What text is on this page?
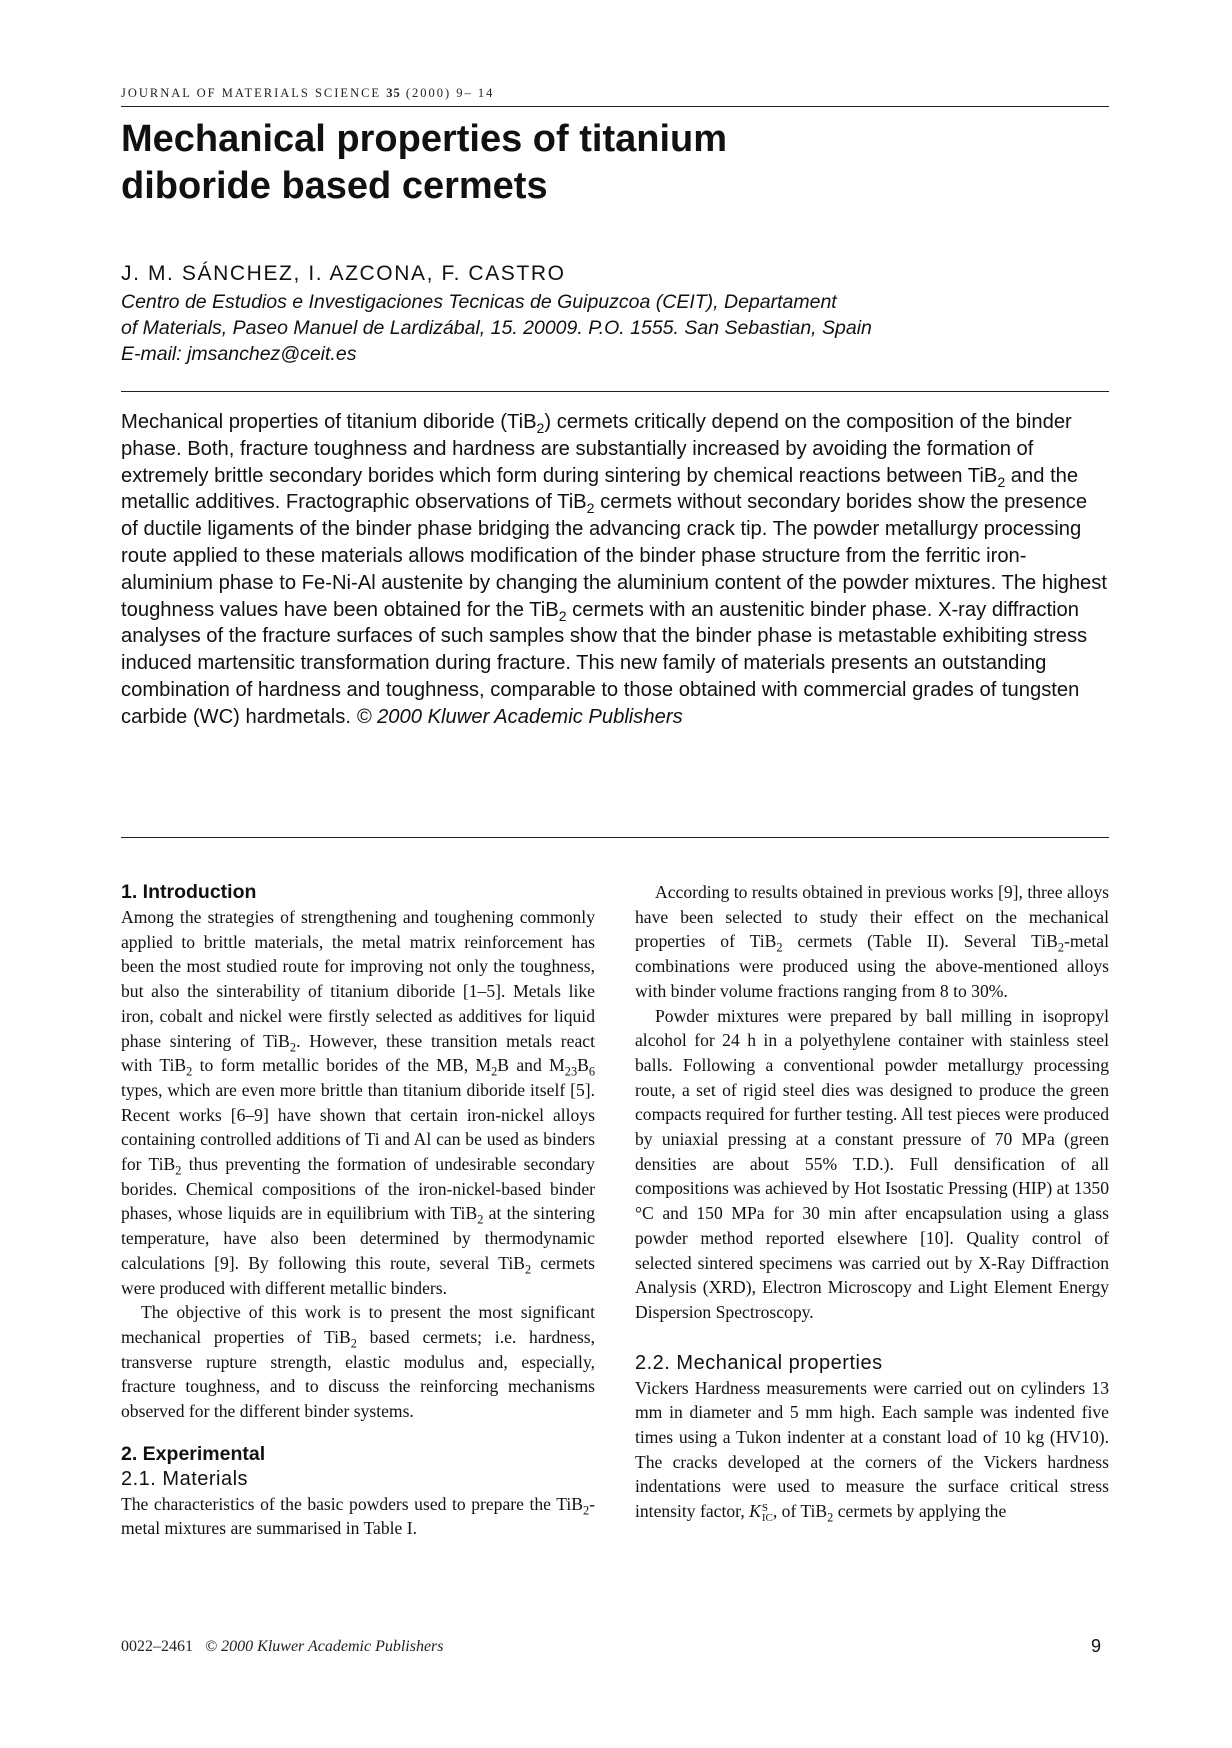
JOURNAL OF MATERIALS SCIENCE 35 (2000) 9– 14
Mechanical properties of titanium
diboride based cermets
J. M. SÁNCHEZ, I. AZCONA, F. CASTRO
Centro de Estudios e Investigaciones Tecnicas de Guipuzcoa (CEIT), Departament
of Materials, Paseo Manuel de Lardizábal, 15. 20009. P.O. 1555. San Sebastian, Spain
E-mail: jmsanchez@ceit.es

Mechanical properties of titanium diboride (TiB$_2$) cermets critically depend on the composition of the binder phase. Both, fracture toughness and hardness are substantially increased by avoiding the formation of extremely brittle secondary borides which form during sintering by chemical reactions between TiB$_2$ and the metallic additives. Fractographic observations of TiB$_2$ cermets without secondary borides show the presence of ductile ligaments of the binder phase bridging the advancing crack tip. The powder metallurgy processing route applied to these materials allows modification of the binder phase structure from the ferritic iron-aluminium phase to Fe-Ni-Al austenite by changing the aluminium content of the powder mixtures. The highest toughness values have been obtained for the TiB$_2$ cermets with an austenitic binder phase. X-ray diffraction analyses of the fracture surfaces of such samples show that the binder phase is metastable exhibiting stress induced martensitic transformation during fracture. This new family of materials presents an outstanding combination of hardness and toughness, comparable to those obtained with commercial grades of tungsten carbide (WC) hardmetals. © 2000 Kluwer Academic Publishers

1. Introduction

Among the strategies of strengthening and toughening commonly applied to brittle materials, the metal matrix reinforcement has been the most studied route for improving not only the toughness, but also the sinterability of titanium diboride [1–5]. Metals like iron, cobalt and nickel were firstly selected as additives for liquid phase sintering of TiB$_2$. However, these transition metals react with TiB$_2$ to form metallic borides of the MB, $M_2B$ and $M_{23}B_6$ types, which are even more brittle than titanium diboride itself [5]. Recent works [6–9] have shown that certain iron-nickel alloys containing controlled additions of Ti and Al can be used as binders for TiB$_2$ thus preventing the formation of undesirable secondary borides. Chemical compositions of the iron-nickel-based binder phases, whose liquids are in equilibrium with TiB$_2$ at the sintering temperature, have also been determined by thermodynamic calculations [9]. By following this route, several TiB$_2$ cermets were produced with different metallic binders.

The objective of this work is to present the most significant mechanical properties of TiB$_2$ based cermets; i.e. hardness, transverse rupture strength, elastic modulus and, especially, fracture toughness, and to discuss the reinforcing mechanisms observed for the different binder systems.

2. Experimental
2.1. Materials

The characteristics of the basic powders used to prepare the TiB$_2$-metal mixtures are summarised in Table I.

According to results obtained in previous works [9], three alloys have been selected to study their effect on the mechanical properties of TiB$_2$ cermets (Table II). Several TiB$_2$-metal combinations were produced using the above-mentioned alloys with binder volume fractions ranging from 8 to 30%.

Powder mixtures were prepared by ball milling in isopropyl alcohol for 24 h in a polyethylene container with stainless steel balls. Following a conventional powder metallurgy processing route, a set of rigid steel dies was designed to produce the green compacts required for further testing. All test pieces were produced by uniaxial pressing at a constant pressure of 70 MPa (green densities are about 55% T.D.). Full densification of all compositions was achieved by Hot Isostatic Pressing (HIP) at 1350 °C and 150 MPa for 30 min after encapsulation using a glass powder method reported elsewhere [10]. Quality control of selected sintered specimens was carried out by X-Ray Diffraction Analysis (XRD), Electron Microscopy and Light Element Energy Dispersion Spectroscopy.

2.2. Mechanical properties

Vickers Hardness measurements were carried out on cylinders 13 mm in diameter and 5 mm high. Each sample was indented five times using a Tukon indenter at a constant load of 10 kg (HV10). The cracks developed at the corners of the Vickers hardness indentations were used to measure the surface critical stress intensity factor, K S
IC , of TiB$_2$ cermets by applying the

0022–2461 © 2000 Kluwer Academic Publishers	9
